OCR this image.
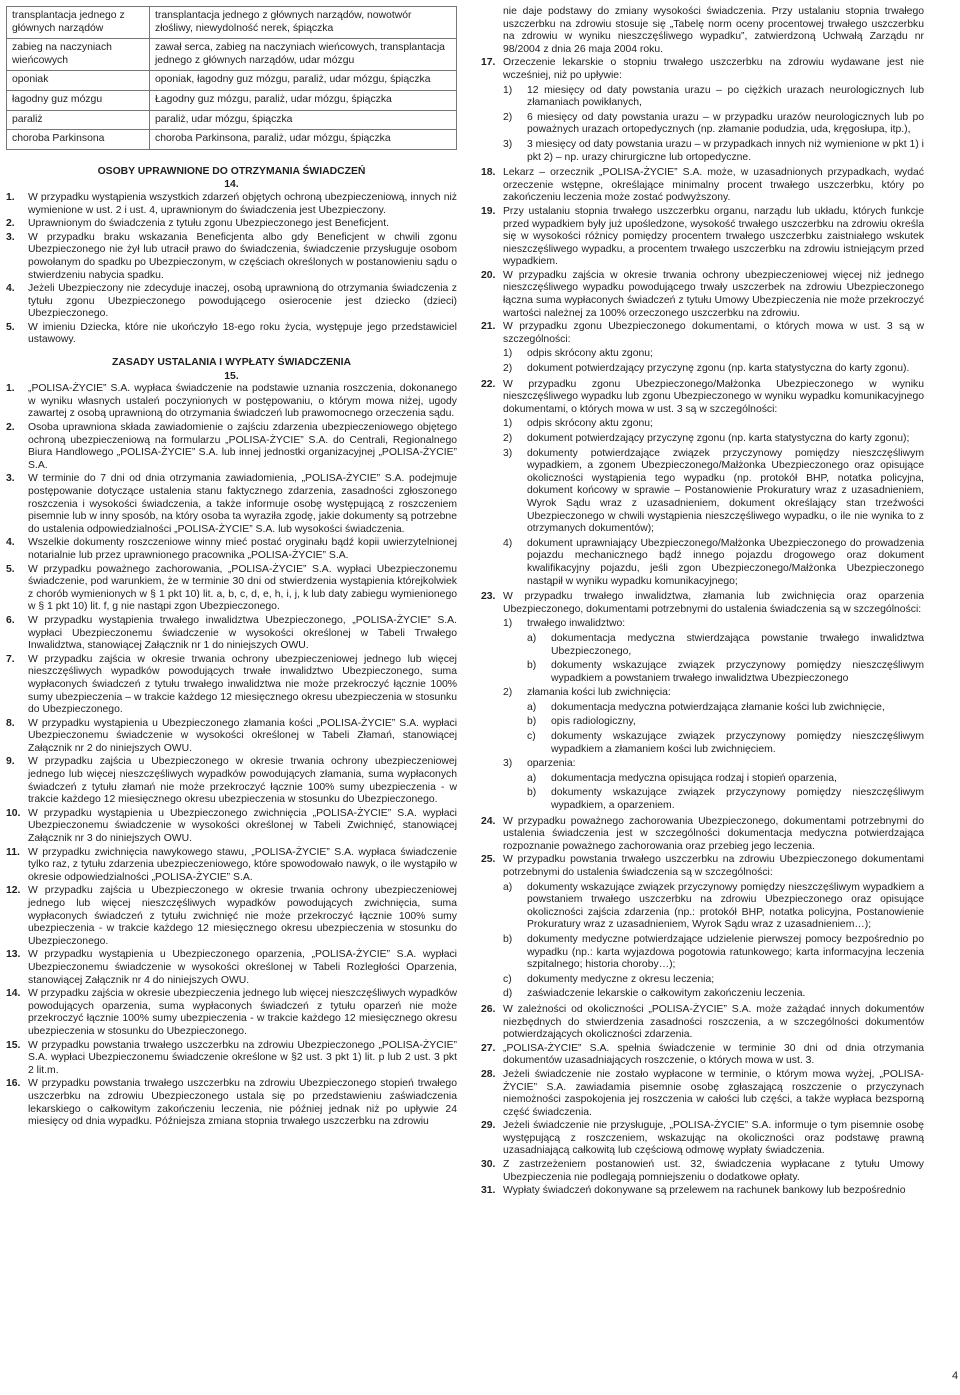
transplantacja jednego z głównych narządów	transplantacja jednego z głównych narządów, nowotwór złośliwy, niewydolność nerek, śpiączka
zabieg na naczyniach wieńcowych	zawał serca, zabieg na naczyniach wieńcowych, transplantacja jednego z głównych narządów, udar mózgu
oponiak	oponiak, łagodny guz mózgu, paraliż, udar mózgu, śpiączka
łagodny guz mózgu	Łagodny guz mózgu, paraliż, udar mózgu, śpiączka
paraliż	paraliż, udar mózgu, śpiączka
choroba Parkinsona	choroba Parkinsona, paraliż, udar mózgu, śpiączka
OSOBY UPRAWNIONE DO OTRZYMANIA ŚWIADCZEŃ
14.
1.	W przypadku wystąpienia wszystkich zdarzeń objętych ochroną ubezpieczeniową, innych niż wymienione w ust. 2 i ust. 4, uprawnionym do świadczenia jest Ubezpieczony.
2.	Uprawnionym do świadczenia z tytułu zgonu Ubezpieczonego jest Beneficjent.
3.	W przypadku braku wskazania Beneficjenta albo gdy Beneficjent w chwili zgonu Ubezpieczonego nie żył lub utracił prawo do świadczenia, świadczenie przysługuje osobom powołanym do spadku po Ubezpieczonym, w częściach określonych w postanowieniu sądu o stwierdzeniu nabycia spadku.
4.	Jeżeli Ubezpieczony nie zdecyduje inaczej, osobą uprawnioną do otrzymania świadczenia z tytułu zgonu Ubezpieczonego powodującego osierocenie jest dziecko (dzieci) Ubezpieczonego.
5.	W imieniu Dziecka, które nie ukończyło 18-ego roku życia, występuje jego przedstawiciel ustawowy.
ZASADY USTALANIA I WYPŁATY ŚWIADCZENIA
15.
1.	„POLISA-ŻYCIE” S.A. wypłaca świadczenie na podstawie uznania roszczenia, dokonanego w wyniku własnych ustaleń poczynionych w postępowaniu, o którym mowa niżej, ugody zawartej z osobą uprawnioną do otrzymania świadczeń lub prawomocnego orzeczenia sądu.
2.	Osoba uprawniona składa zawiadomienie o zajściu zdarzenia ubezpieczeniowego objętego ochroną ubezpieczeniową na formularzu „POLISA-ŻYCIE” S.A. do Centrali, Regionalnego Biura Handlowego „POLISA-ŻYCIE” S.A. lub innej jednostki organizacyjnej „POLISA-ŻYCIE” S.A.
3.	W terminie do 7 dni od dnia otrzymania zawiadomienia, „POLISA-ŻYCIE” S.A. podejmuje postępowanie dotyczące ustalenia stanu faktycznego zdarzenia, zasadności zgłoszonego roszczenia i wysokości świadczenia, a także informuje osobę występującą z roszczeniem pisemnie lub w inny sposób, na który osoba ta wyraziła zgodę, jakie dokumenty są potrzebne do ustalenia odpowiedzialności „POLISA-ŻYCIE” S.A. lub wysokości świadczenia.
4.	Wszelkie dokumenty roszczeniowe winny mieć postać oryginału bądź kopii uwierzytelnionej notarialnie lub przez uprawnionego pracownika „POLISA-ŻYCIE” S.A.
5.	W przypadku poważnego zachorowania, „POLISA-ŻYCIE” S.A. wypłaci Ubezpieczonemu świadczenie, pod warunkiem, że w terminie 30 dni od stwierdzenia wystąpienia którejkolwiek z chorób wymienionych w § 1 pkt 10) lit. a, b, c, d, e, h, i, j, k lub daty zabiegu wymienionego w § 1 pkt 10) lit. f, g nie nastąpi zgon Ubezpieczonego.
6.	W przypadku wystąpienia trwałego inwalidztwa Ubezpieczonego, „POLISA-ŻYCIE” S.A. wypłaci Ubezpieczonemu świadczenie w wysokości określonej w Tabeli Trwałego Inwalidztwa, stanowiącej Załącznik nr 1 do niniejszych OWU.
7.	W przypadku zajścia w okresie trwania ochrony ubezpieczeniowej jednego lub więcej nieszczęśliwych wypadków powodujących trwałe inwalidztwo Ubezpieczonego, suma wypłaconych świadczeń z tytułu trwałego inwalidztwa nie może przekroczyć łącznie 100% sumy ubezpieczenia – w trakcie każdego 12 miesięcznego okresu ubezpieczenia w stosunku do Ubezpieczonego.
8.	W przypadku wystąpienia u Ubezpieczonego złamania kości „POLISA-ŻYCIE” S.A. wypłaci Ubezpieczonemu świadczenie w wysokości określonej w Tabeli Złamań, stanowiącej Załącznik nr 2 do niniejszych OWU.
9.	W przypadku zajścia u Ubezpieczonego w okresie trwania ochrony ubezpieczeniowej jednego lub więcej nieszczęśliwych wypadków powodujących złamania, suma wypłaconych świadczeń z tytułu złamań nie może przekroczyć łącznie 100% sumy ubezpieczenia - w trakcie każdego 12 miesięcznego okresu ubezpieczenia w stosunku do Ubezpieczonego.
10. W przypadku wystąpienia u Ubezpieczonego zwichnięcia „POLISA-ŻYCIE” S.A. wypłaci Ubezpieczonemu świadczenie w wysokości określonej w Tabeli Zwichnięć, stanowiącej Załącznik nr 3 do niniejszych OWU.
11. W przypadku zwichnięcia nawykowego stawu, „POLISA-ŻYCIE” S.A. wypłaca świadczenie tylko raz, z tytułu zdarzenia ubezpieczeniowego, które spowodowało nawyk, o ile wystąpiło w okresie odpowiedzialności „POLISA-ŻYCIE” S.A.
12. W przypadku zajścia u Ubezpieczonego w okresie trwania ochrony ubezpieczeniowej jednego lub więcej nieszczęśliwych wypadków powodujących zwichnięcia, suma wypłaconych świadczeń z tytułu zwichnięć nie może przekroczyć łącznie 100% sumy ubezpieczenia - w trakcie każdego 12 miesięcznego okresu ubezpieczenia w stosunku do Ubezpieczonego.
13. W przypadku wystąpienia u Ubezpieczonego oparzenia, „POLISA-ŻYCIE” S.A. wypłaci Ubezpieczonemu świadczenie w wysokości określonej w Tabeli Rozległości Oparzenia, stanowiącej Załącznik nr 4 do niniejszych OWU.
14. W przypadku zajścia w okresie ubezpieczenia jednego lub więcej nieszczęśliwych wypadków powodujących oparzenia, suma wypłaconych świadczeń z tytułu oparzeń nie może przekroczyć łącznie 100% sumy ubezpieczenia - w trakcie każdego 12 miesięcznego okresu ubezpieczenia w stosunku do Ubezpieczonego.
15. W przypadku powstania trwałego uszczerbku na zdrowiu Ubezpieczonego „POLISA-ŻYCIE” S.A. wypłaci Ubezpieczonemu świadczenie określone w §2 ust. 3 pkt 1) lit. p lub 2 ust. 3 pkt 2 lit.m.
16. W przypadku powstania trwałego uszczerbku na zdrowiu Ubezpieczonego stopień trwałego uszczerbku na zdrowiu Ubezpieczonego ustala się po przedstawieniu zaświadczenia lekarskiego o całkowitym zakończeniu leczenia, nie później jednak niż po upływie 24 miesięcy od dnia wypadku. Późniejsza zmiana stopnia trwałego uszczerbku na zdrowiu
nie daje podstawy do zmiany wysokości świadczenia. Przy ustalaniu stopnia trwałego uszczerbku na zdrowiu stosuje się „Tabelę norm oceny procentowej trwałego uszczerbku na zdrowiu w wyniku nieszczęśliwego wypadku”, zatwierdzoną Uchwałą Zarządu nr 98/2004 z dnia 26 maja 2004 roku.
17. Orzeczenie lekarskie o stopniu trwałego uszczerbku na zdrowiu wydawane jest nie wcześniej, niż po upływie:
1)	12 miesięcy od daty powstania urazu – po ciężkich urazach neurologicznych lub złamaniach powikłanych,
2)	6 miesięcy od daty powstania urazu – w przypadku urazów neurologicznych lub po poważnych urazach ortopedycznych (np. złamanie podudzia, uda, kręgosłupa, itp.),
3)	3 miesięcy od daty powstania urazu – w przypadkach innych niż wymienione w pkt 1) i pkt 2) – np. urazy chirurgiczne lub ortopedyczne.
18. Lekarz – orzecznik „POLISA-ŻYCIE” S.A. może, w uzasadnionych przypadkach, wydać orzeczenie wstępne, określające minimalny procent trwałego uszczerbku, który po zakończeniu leczenia może zostać podwyższony.
19. Przy ustalaniu stopnia trwałego uszczerbku organu, narządu lub układu, których funkcje przed wypadkiem były już upośledzone, wysokość trwałego uszczerbku na zdrowiu określa się w wysokości różnicy pomiędzy procentem trwałego uszczerbku zaistniałego wskutek nieszczęśliwego wypadku, a procentem trwałego uszczerbku na zdrowiu istniejącym przed wypadkiem.
20. W przypadku zajścia w okresie trwania ochrony ubezpieczeniowej więcej niż jednego nieszczęśliwego wypadku powodującego trwały uszczerbek na zdrowiu Ubezpieczonego łączna suma wypłaconych świadczeń z tytułu Umowy Ubezpieczenia nie może przekroczyć wartości należnej za 100% orzeczonego uszczerbku na zdrowiu.
21. W przypadku zgonu Ubezpieczonego dokumentami, o których mowa w ust. 3 są w szczególności:
1)	odpis skrócony aktu zgonu;
2)	dokument potwierdzający przyczynę zgonu (np. karta statystyczna do karty zgonu).
22. W przypadku zgonu Ubezpieczonego/Małżonka Ubezpieczonego w wyniku nieszczęśliwego wypadku lub zgonu Ubezpieczonego w wyniku wypadku komunikacyjnego dokumentami, o których mowa w ust. 3 są w szczególności:
1)	odpis skrócony aktu zgonu;
2)	dokument potwierdzający przyczynę zgonu (np. karta statystyczna do karty zgonu);
3)	dokumenty potwierdzające związek przyczynowy pomiędzy nieszczęśliwym wypadkiem, a zgonem Ubezpieczonego/Małżonka Ubezpieczonego oraz opisujące okoliczności wystąpienia tego wypadku (np. protokół BHP, notatka policyjna, dokument końcowy w sprawie – Postanowienie Prokuratury wraz z uzasadnieniem, Wyrok Sądu wraz z uzasadnieniem, dokument określający stan trzeźwości Ubezpieczonego w chwili wystąpienia nieszczęśliwego wypadku, o ile nie wynika to z otrzymanych dokumentów);
4)	dokument uprawniający Ubezpieczonego/Małżonka Ubezpieczonego do prowadzenia pojazdu mechanicznego bądź innego pojazdu drogowego oraz dokument kwalifikacyjny pojazdu, jeśli zgon Ubezpieczonego/Małżonka Ubezpieczonego nastąpił w wyniku wypadku komunikacyjnego;
23. W przypadku trwałego inwalidztwa, złamania lub zwichnięcia oraz oparzenia Ubezpieczonego, dokumentami potrzebnymi do ustalenia świadczenia są w szczególności:
1)	trwałego inwalidztwo:
a)	dokumentacja medyczna stwierdzająca powstanie trwałego inwalidztwa Ubezpieczonego,
b)	dokumenty wskazujące związek przyczynowy pomiędzy nieszczęśliwym wypadkiem a powstaniem trwałego inwalidztwa Ubezpieczonego
2)	złamania kości lub zwichnięcia:
a)	dokumentacja medyczna potwierdzająca złamanie kości lub zwichnięcie,
b)	opis radiologiczny,
c)	dokumenty wskazujące związek przyczynowy pomiędzy nieszczęśliwym wypadkiem a złamaniem kości lub zwichnięciem.
3)	oparzenia:
a)	dokumentacja medyczna opisująca rodzaj i stopień oparzenia,
b)	dokumenty wskazujące związek przyczynowy pomiędzy nieszczęśliwym wypadkiem, a oparzeniem.
24. W przypadku poważnego zachorowania Ubezpieczonego, dokumentami potrzebnymi do ustalenia świadczenia jest w szczególności dokumentacja medyczna potwierdzająca rozpoznanie poważnego zachorowania oraz przebieg jego leczenia.
25. W przypadku powstania trwałego uszczerbku na zdrowiu Ubezpieczonego dokumentami potrzebnymi do ustalenia świadczenia są w szczególności:
a)	dokumenty wskazujące związek przyczynowy pomiędzy nieszczęśliwym wypadkiem a powstaniem trwałego uszczerbku na zdrowiu Ubezpieczonego oraz opisujące okoliczności zajścia zdarzenia (np.: protokół BHP, notatka policyjna, Postanowienie Prokuratury wraz z uzasadnieniem, Wyrok Sądu wraz z uzasadnieniem…);
b)	dokumenty medyczne potwierdzające udzielenie pierwszej pomocy bezpośrednio po wypadku (np.: karta wyjazdowa pogotowia ratunkowego; karta informacyjna leczenia szpitalnego; historia choroby…);
c)	dokumenty medyczne z okresu leczenia;
d)	zaświadczenie lekarskie o całkowitym zakończeniu leczenia.
26. W zależności od okoliczności „POLISA-ŻYCIE” S.A. może zażądać innych dokumentów niezbędnych do stwierdzenia zasadności roszczenia, a w szczególności dokumentów potwierdzających okoliczności zdarzenia.
27. „POLISA-ŻYCIE” S.A. spełnia świadczenie w terminie 30 dni od dnia otrzymania dokumentów uzasadniających roszczenie, o których mowa w ust. 3.
28. Jeżeli świadczenie nie zostało wypłacone w terminie, o którym mowa wyżej, „POLISA-ŻYCIE” S.A. zawiadamia pisemnie osobę zgłaszającą roszczenie o przyczynach niemożności zaspokojenia jej roszczenia w całości lub części, a także wypłaca bezsporną część świadczenia.
29. Jeżeli świadczenie nie przysługuje, „POLISA-ŻYCIE” S.A. informuje o tym pisemnie osobę występującą z roszczeniem, wskazując na okoliczności oraz podstawę prawną uzasadniającą całkowitą lub częściową odmowę wypłaty świadczenia.
30. Z zastrzeżeniem postanowień ust. 32, świadczenia wypłacane z tytułu Umowy Ubezpieczenia nie podlegają pomniejszeniu o dodatkowe opłaty.
31. Wypłaty świadczeń dokonywane są przelewem na rachunek bankowy lub bezpośrednio
4
